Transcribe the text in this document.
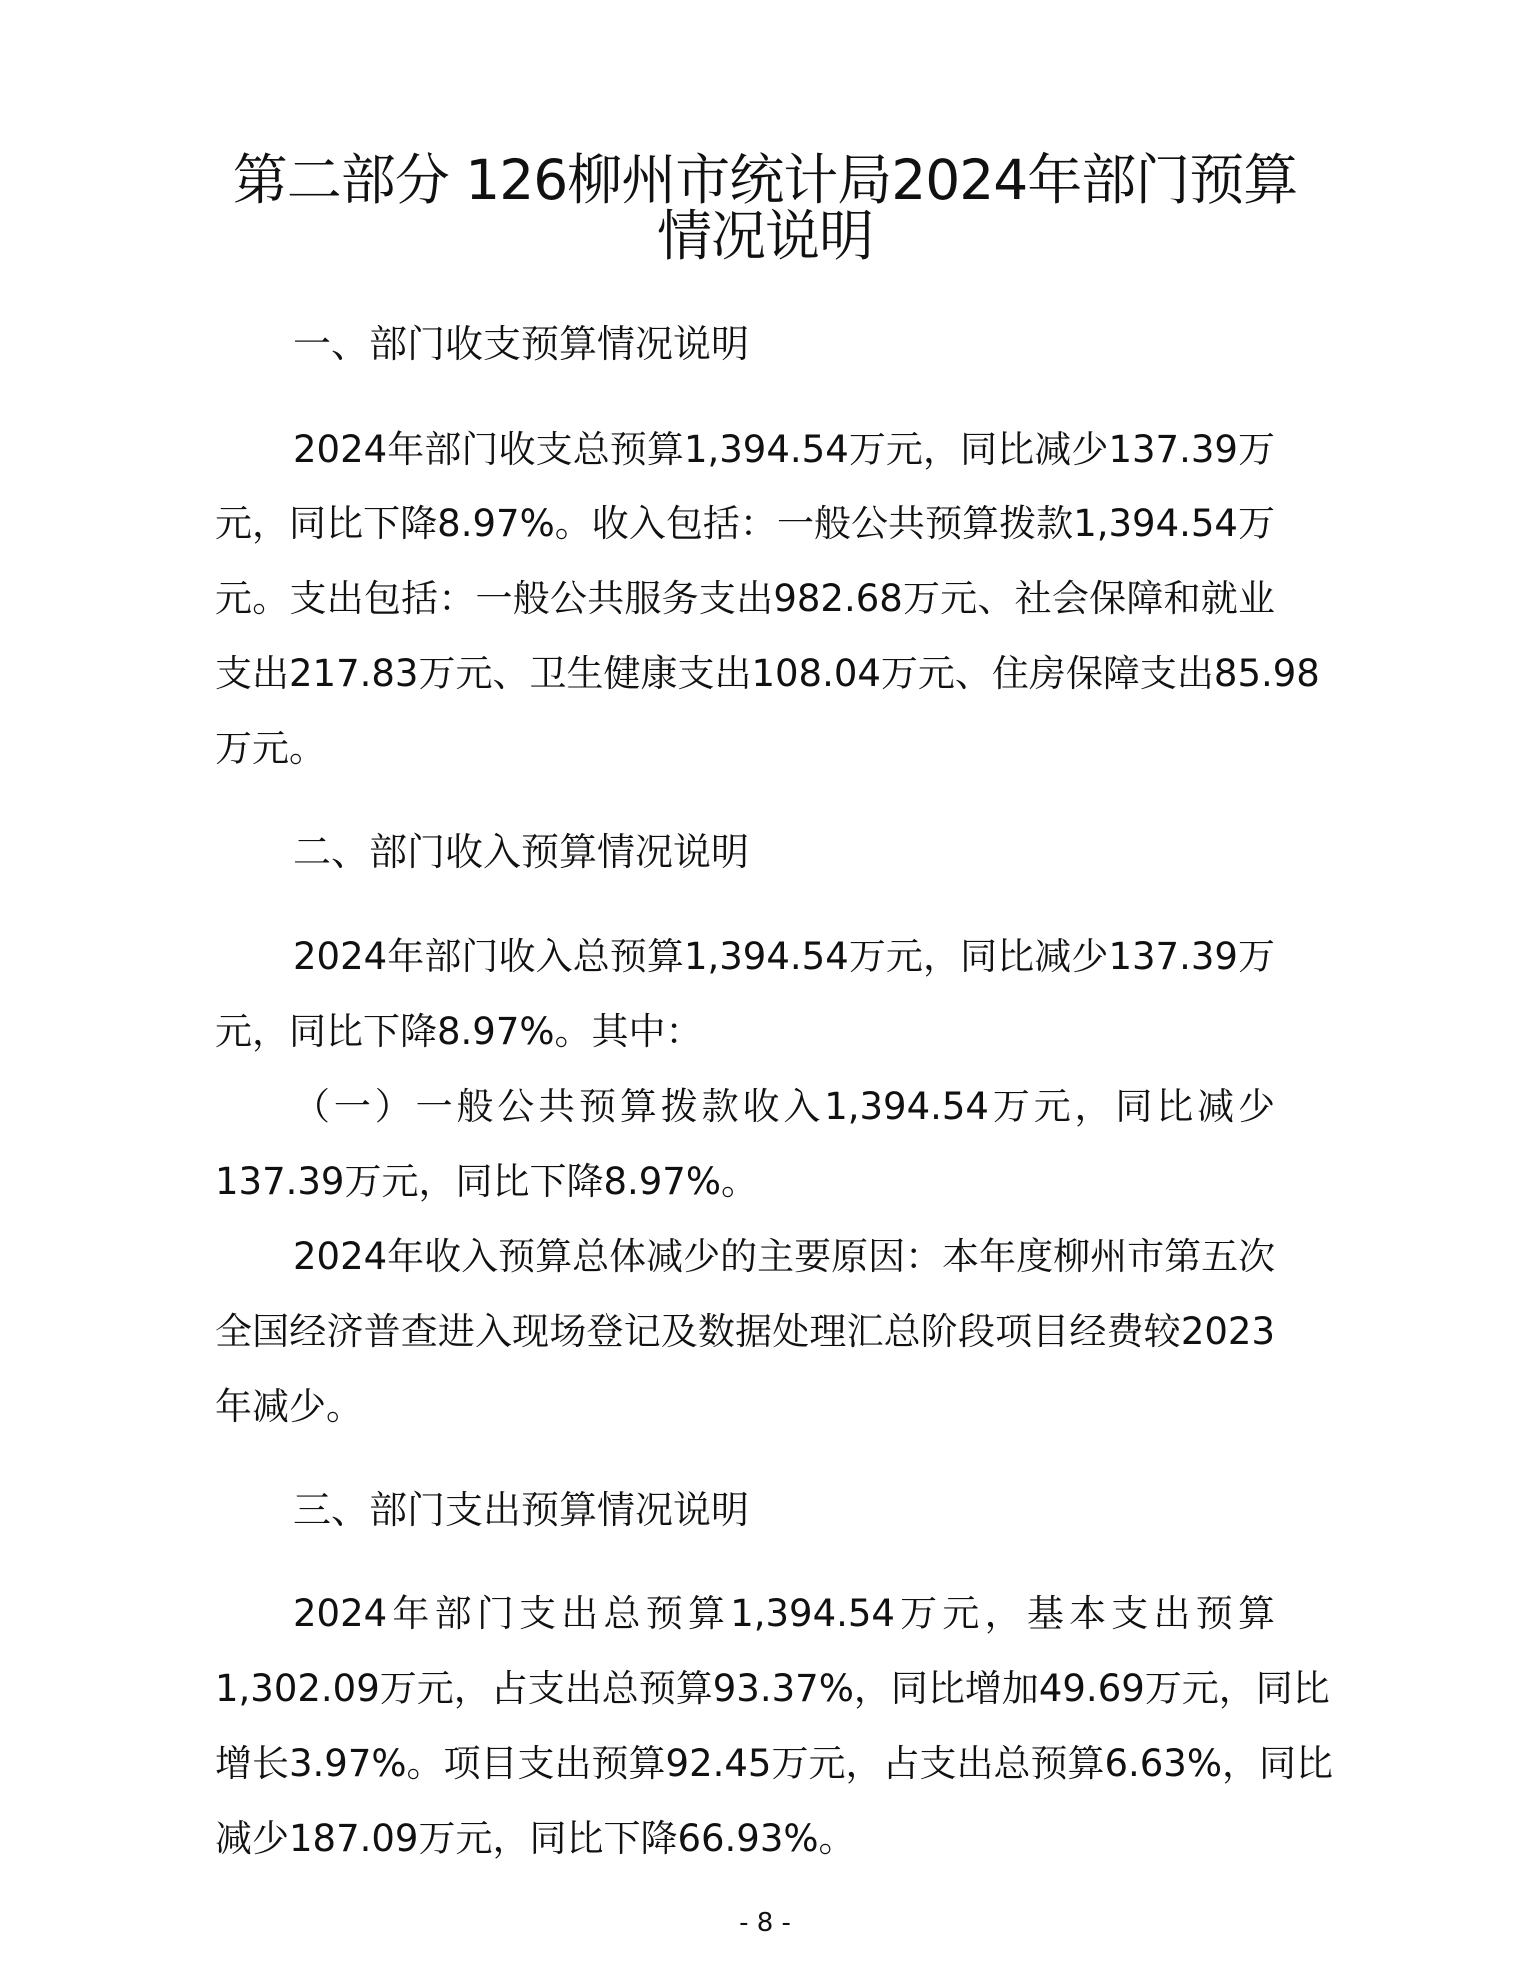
第二部分 126柳州市统计局2024年部门预算
情况说明
一、部门收支预算情况说明
2024年部门收支总预算1,394.54万元，同比减少137.39万
元，同比下降8.97%。收入包括：一般公共预算拨款1,394.54万
元。支出包括：一般公共服务支出982.68万元、社会保障和就业
支出217.83万元、卫生健康支出108.04万元、住房保障支出85.98
万元。
二、部门收入预算情况说明
2024年部门收入总预算1,394.54万元，同比减少137.39万
元，同比下降8.97%。其中：
（一）一般公共预算拨款收入1,394.54万元，同比减少
137.39万元，同比下降8.97%。
2024年收入预算总体减少的主要原因：本年度柳州市第五次
全国经济普查进入现场登记及数据处理汇总阶段项目经费较2023
年减少。
三、部门支出预算情况说明
2024年部门支出总预算1,394.54万元，基本支出预算
1,302.09万元，占支出总预算93.37%，同比增加49.69万元，同比
增长3.97%。项目支出预算92.45万元，占支出总预算6.63%，同比
减少187.09万元，同比下降66.93%。
- 8 -
